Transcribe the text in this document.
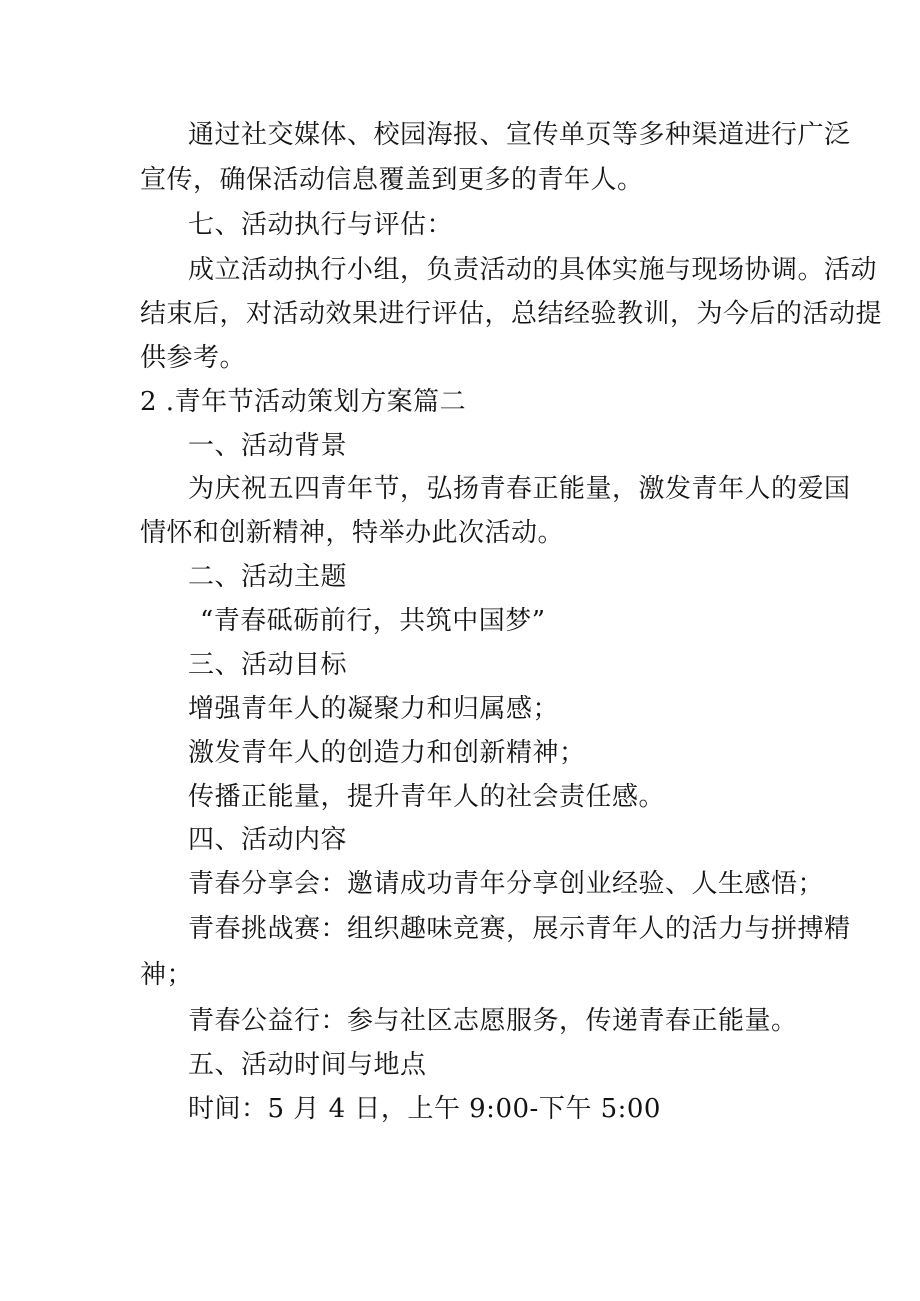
通过社交媒体、校园海报、宣传单页等多种渠道进行广泛
宣传，确保活动信息覆盖到更多的青年人。
七、活动执行与评估：
成立活动执行小组，负责活动的具体实施与现场协调。活动
结束后，对活动效果进行评估，总结经验教训，为今后的活动提
供参考。
2 .青年节活动策划方案篇二
一、活动背景
为庆祝五四青年节，弘扬青春正能量，激发青年人的爱国
情怀和创新精神，特举办此次活动。
二、活动主题
“青春砥砺前行，共筑中国梦”
三、活动目标
增强青年人的凝聚力和归属感；
激发青年人的创造力和创新精神；
传播正能量，提升青年人的社会责任感。
四、活动内容
青春分享会：邀请成功青年分享创业经验、人生感悟；
青春挑战赛：组织趣味竞赛，展示青年人的活力与拼搏精
神；
青春公益行：参与社区志愿服务，传递青春正能量。
五、活动时间与地点
时间：5 月 4 日，上午 9:00-下午 5:00
